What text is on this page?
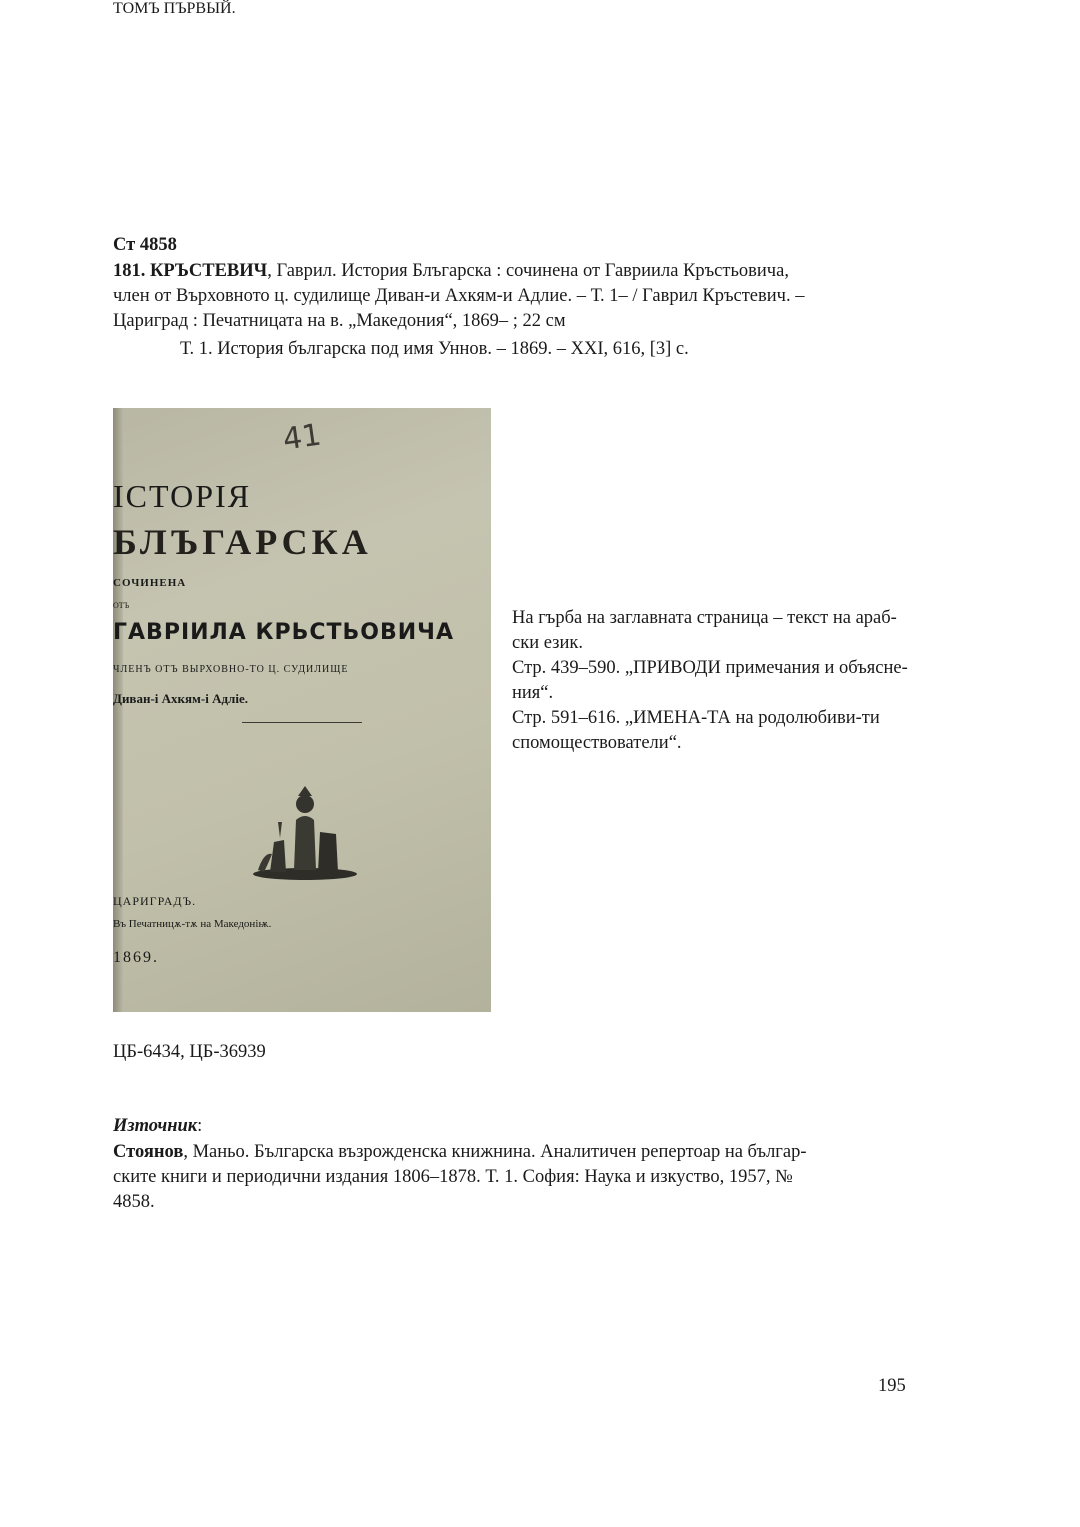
Ст 4858
181. КРЪСТЕВИЧ, Гаврил. История Блъгарска : сочинена от Гавриила Кръстьовича,
член от Върховното ц. судилище Диван-и Ахкям-и Адлие. – Т. 1– / Гаврил Кръстевич. –
Цариград : Печатницата на в. „Македония“, 1869– ; 22 см
Т. 1. История българска под имя Уннов. – 1869. – XXI, 616, [3] с.
41
ІСТОРІЯ
БЛЪГАРСКА
СОЧИНЕНА
ОТЪ
ГАВРІИЛА КРЬСТЬОВИЧА
ЧЛЕНЪ ОТЪ ВЫРХОВНО-ТО Ц. СУДИЛИЩЕ
Диван-і Ахкям-і Адліе.
ТОМЪ ПЪРВЫЙ.
ЦАРИГРАДЪ.
Въ Печатницѫ-тѫ на Македоніѭ.
1869.
На гърба на заглавната страница – текст на араб-
ски език.
Стр. 439–590. „ПРИВОДИ примечания и объясне-
ния“.
Стр. 591–616. „ИМЕНА-ТА на родолюбиви-ти
спомоществователи“.
ЦБ-6434, ЦБ-36939
Източник:
Стоянов, Маньо. Българска възрожденска книжнина. Аналитичен репертоар на българ-
ските книги и периодични издания 1806–1878. Т. 1. София: Наука и изкуство, 1957, №
4858.
195
